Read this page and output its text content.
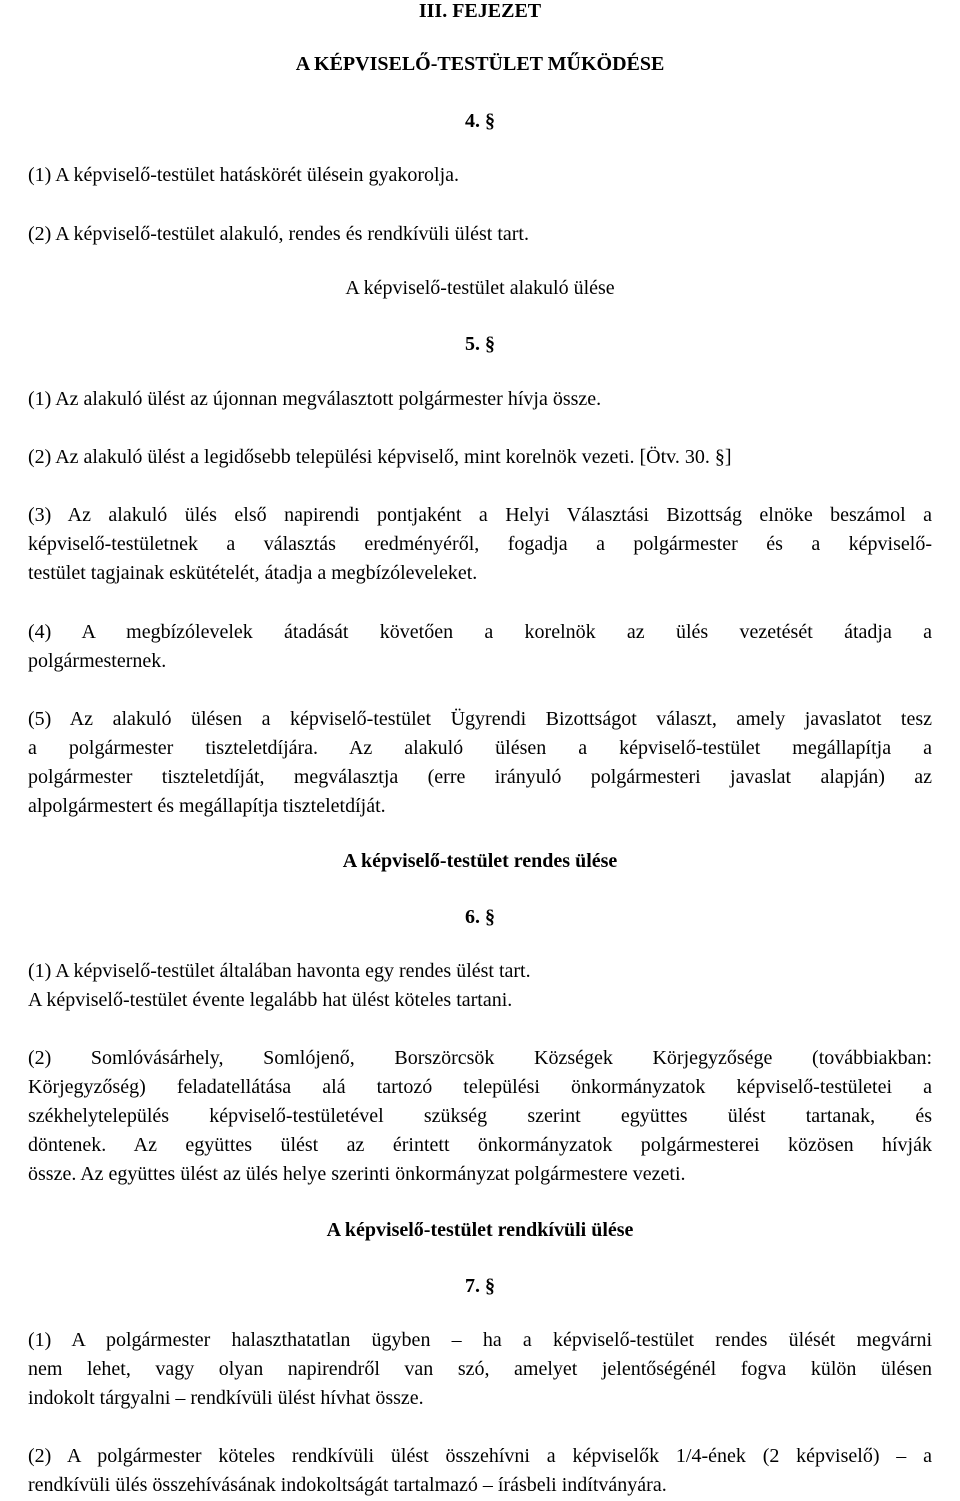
III. FEJEZET
A KÉPVISELŐ-TESTÜLET MŰKÖDÉSE
4. §
(1) A képviselő-testület hatáskörét ülésein gyakorolja.
(2) A képviselő-testület alakuló, rendes és rendkívüli ülést tart.
A képviselő-testület alakuló ülése
5. §
(1) Az alakuló ülést az újonnan megválasztott polgármester hívja össze.
(2) Az alakuló ülést a legidősebb települési képviselő, mint korelnök vezeti. [Ötv. 30. §]
(3) Az alakuló ülés első napirendi pontjaként a Helyi Választási Bizottság elnöke beszámol a
képviselő-testületnek a választás eredményéről, fogadja a polgármester és a képviselő-
testület tagjainak eskütételét, átadja a megbízóleveleket.
(4) A megbízólevelek átadását követően a korelnök az ülés vezetését átadja a
polgármesternek.
(5) Az alakuló ülésen a képviselő-testület Ügyrendi Bizottságot választ, amely javaslatot tesz
a polgármester tiszteletdíjára. Az alakuló ülésen a képviselő-testület megállapítja a
polgármester tiszteletdíját, megválasztja (erre irányuló polgármesteri javaslat alapján) az
alpolgármestert és megállapítja tiszteletdíját.
A képviselő-testület rendes ülése
6. §
(1) A képviselő-testület általában havonta egy rendes ülést tart.
A képviselő-testület évente legalább hat ülést köteles tartani.
(2) Somlóvásárhely, Somlójenő, Borszörcsök Községek Körjegyzősége (továbbiakban:
Körjegyzőség) feladatellátása alá tartozó települési önkormányzatok képviselő-testületei a
székhelytelepülés képviselő-testületével szükség szerint együttes ülést tartanak, és
döntenek. Az együttes ülést az érintett önkormányzatok polgármesterei közösen hívják
össze. Az együttes ülést az ülés helye szerinti önkormányzat polgármestere vezeti.
A képviselő-testület rendkívüli ülése
7. §
(1) A polgármester halaszthatatlan ügyben – ha a képviselő-testület rendes ülését megvárni
nem lehet, vagy olyan napirendről van szó, amelyet jelentőségénél fogva külön ülésen
indokolt tárgyalni – rendkívüli ülést hívhat össze.
(2) A polgármester köteles rendkívüli ülést összehívni a képviselők 1/4-ének (2 képviselő) – a
rendkívüli ülés összehívásának indokoltságát tartalmazó – írásbeli indítványára.
